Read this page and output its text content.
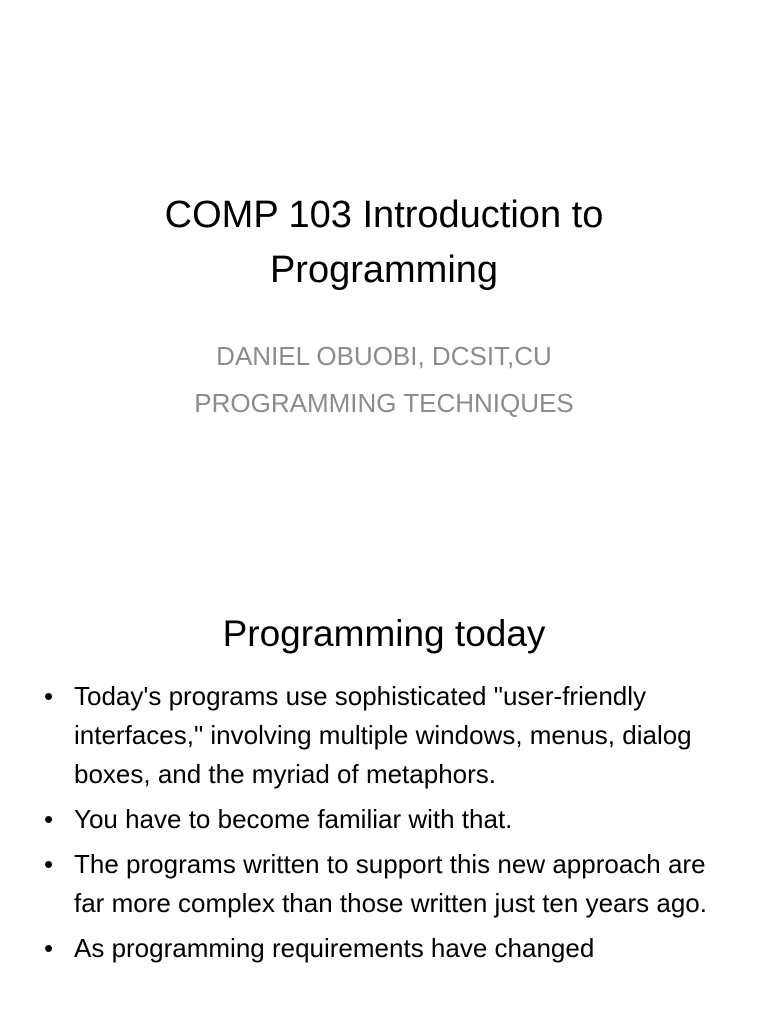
COMP 103 Introduction to
Programming
DANIEL OBUOBI, DCSIT,CU
PROGRAMMING TECHNIQUES
Programming today
• Today's programs use sophisticated "user-friendly interfaces," involving multiple windows, menus, dialog boxes, and the myriad of metaphors.
• You have to become familiar with that.
• The programs written to support this new approach are far more complex than those written just ten years ago.
• As programming requirements have changed
